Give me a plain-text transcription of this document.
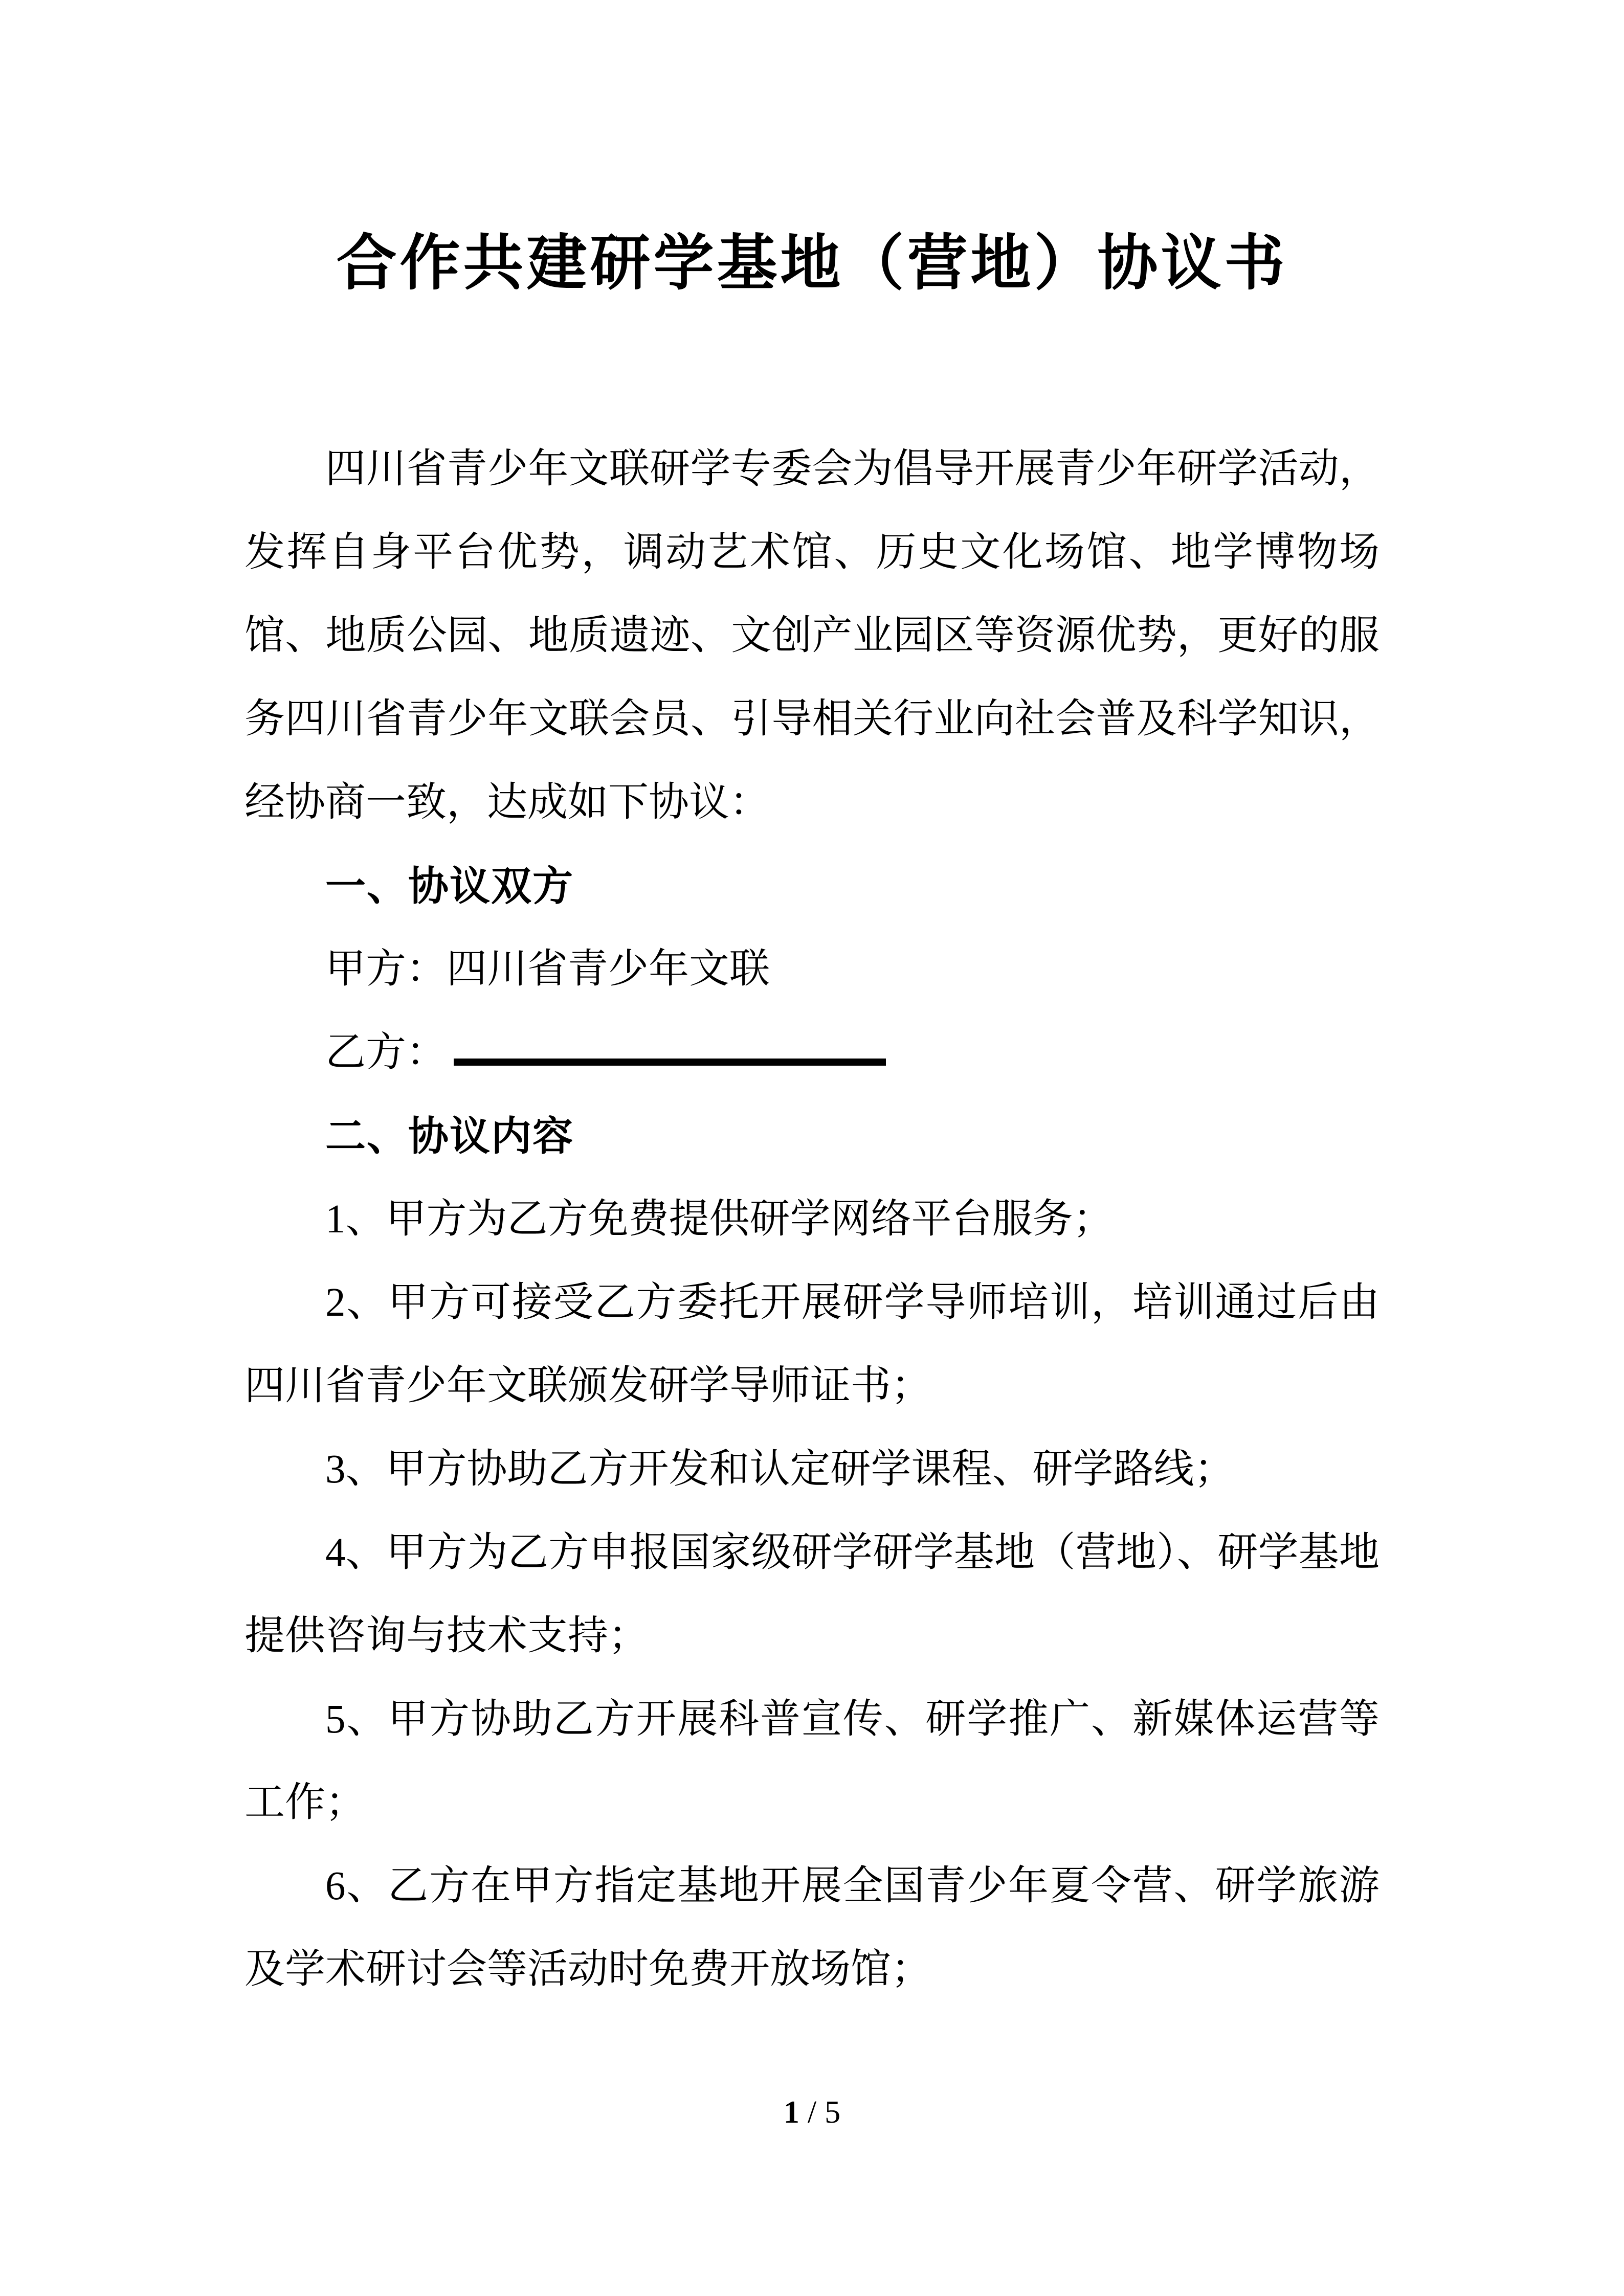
合作共建研学基地（营地）协议书

四川省青少年文联研学专委会为倡导开展青少年研学活动，发挥自身平台优势，调动艺术馆、历史文化场馆、地学博物场馆、地质公园、地质遗迹、文创产业园区等资源优势，更好的服务四川省青少年文联会员、引导相关行业向社会普及科学知识，经协商一致，达成如下协议：

一、协议双方

甲方：四川省青少年文联

乙方：

二、协议内容

1、甲方为乙方免费提供研学网络平台服务；

2、甲方可接受乙方委托开展研学导师培训，培训通过后由四川省青少年文联颁发研学导师证书；

3、甲方协助乙方开发和认定研学课程、研学路线；

4、甲方为乙方申报国家级研学研学基地（营地）、研学基地提供咨询与技术支持；

5、甲方协助乙方开展科普宣传、研学推广、新媒体运营等工作；

6、乙方在甲方指定基地开展全国青少年夏令营、研学旅游及学术研讨会等活动时免费开放场馆；

1 / 5
